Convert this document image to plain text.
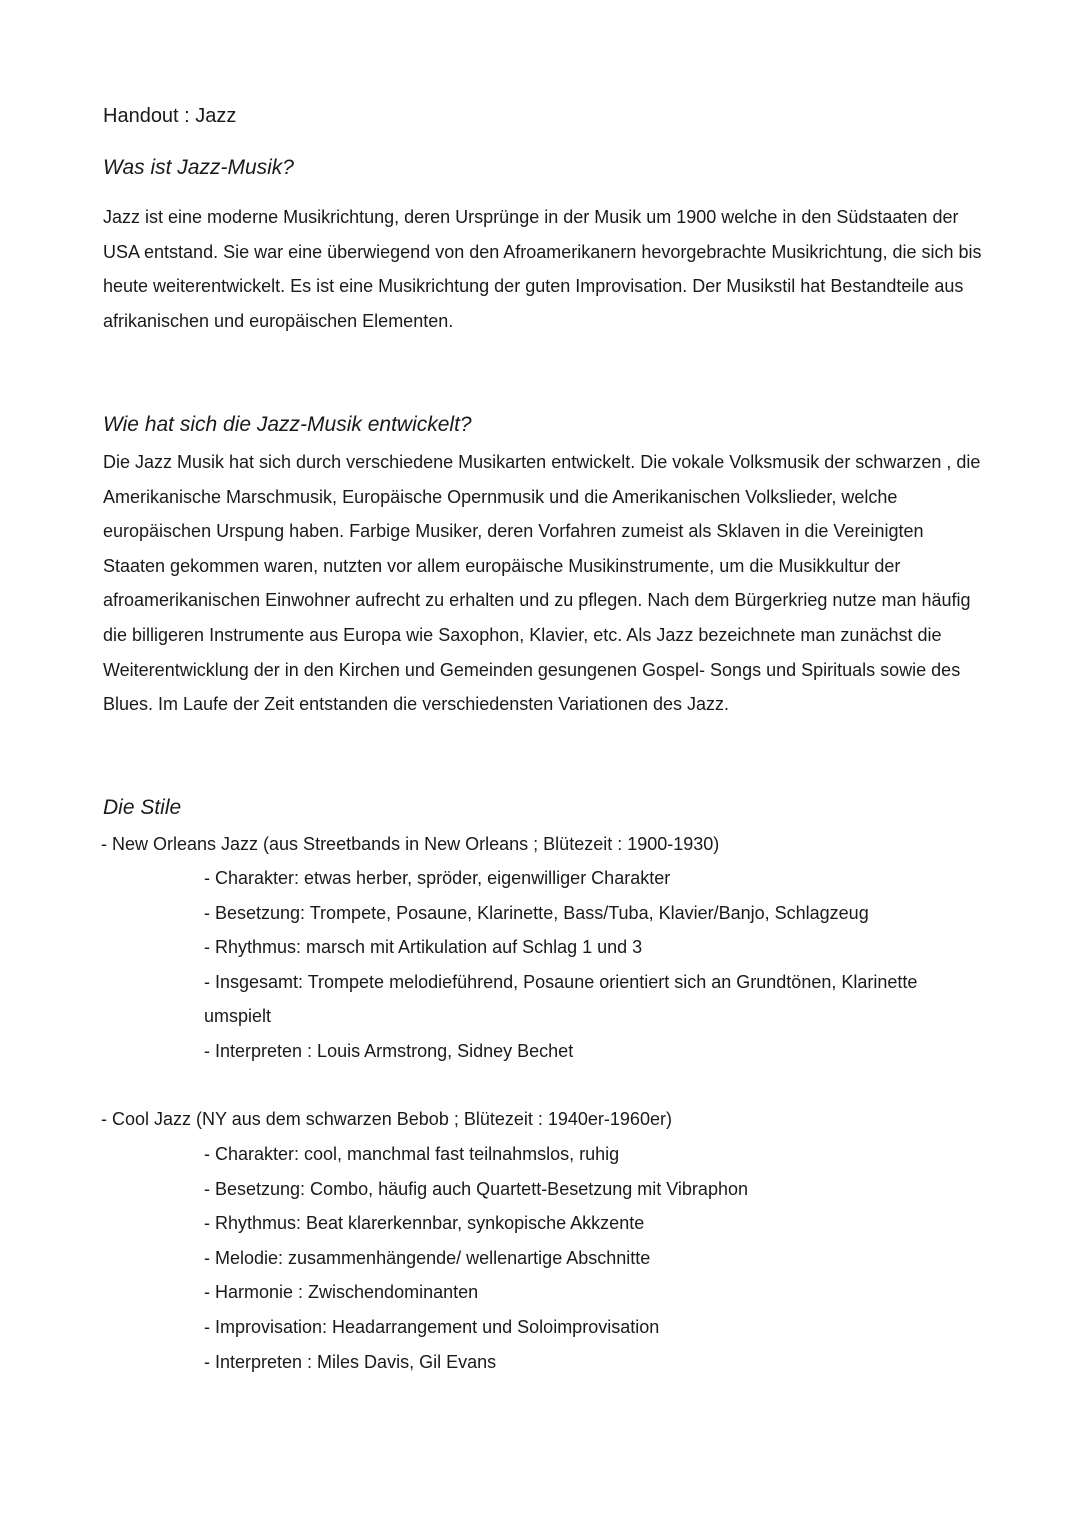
Handout : Jazz
Was ist Jazz-Musik?

Jazz ist eine moderne Musikrichtung, deren Ursprünge in der Musik um 1900 welche in den Südstaaten der USA entstand. Sie war eine überwiegend von den Afroamerikanern hevorgebrachte Musikrichtung, die sich bis heute weiterentwickelt. Es ist eine Musikrichtung der guten Improvisation. Der Musikstil hat Bestandteile aus afrikanischen und europäischen Elementen.

Wie hat sich die Jazz-Musik entwickelt?

Die Jazz Musik hat sich durch verschiedene Musikarten entwickelt. Die vokale Volksmusik der schwarzen , die Amerikanische Marschmusik, Europäische Opernmusik und die Amerikanischen Volkslieder, welche europäischen Urspung haben. Farbige Musiker, deren Vorfahren zumeist als Sklaven in die Vereinigten Staaten gekommen waren, nutzten vor allem europäische Musikinstrumente, um die Musikkultur der afroamerikanischen Einwohner aufrecht zu erhalten und zu pflegen. Nach dem Bürgerkrieg nutze man häufig die billigeren Instrumente aus Europa wie Saxophon, Klavier, etc. Als Jazz bezeichnete man zunächst die Weiterentwicklung der in den Kirchen und Gemeinden gesungenen Gospel- Songs und Spirituals sowie des Blues. Im Laufe der Zeit entstanden die verschiedensten Variationen des Jazz.

Die Stile

- New Orleans Jazz (aus Streetbands in New Orleans ; Blütezeit : 1900-1930)

- Charakter: etwas herber, spröder, eigenwilliger Charakter
- Besetzung: Trompete, Posaune, Klarinette, Bass/Tuba, Klavier/Banjo, Schlagzeug
- Rhythmus: marsch mit Artikulation auf Schlag 1 und 3
- Insgesamt: Trompete melodieführend, Posaune orientiert sich an Grundtönen, Klarinette umspielt
- Interpreten : Louis Armstrong, Sidney Bechet

- Cool Jazz (NY aus dem schwarzen Bebob ; Blütezeit : 1940er-1960er)

- Charakter: cool, manchmal fast teilnahmslos, ruhig
- Besetzung: Combo, häufig auch Quartett-Besetzung mit Vibraphon
- Rhythmus: Beat klarerkennbar, synkopische Akkzente
- Melodie: zusammenhängende/ wellenartige Abschnitte
- Harmonie : Zwischendominanten
- Improvisation: Headarrangement und Soloimprovisation
- Interpreten : Miles Davis, Gil Evans
